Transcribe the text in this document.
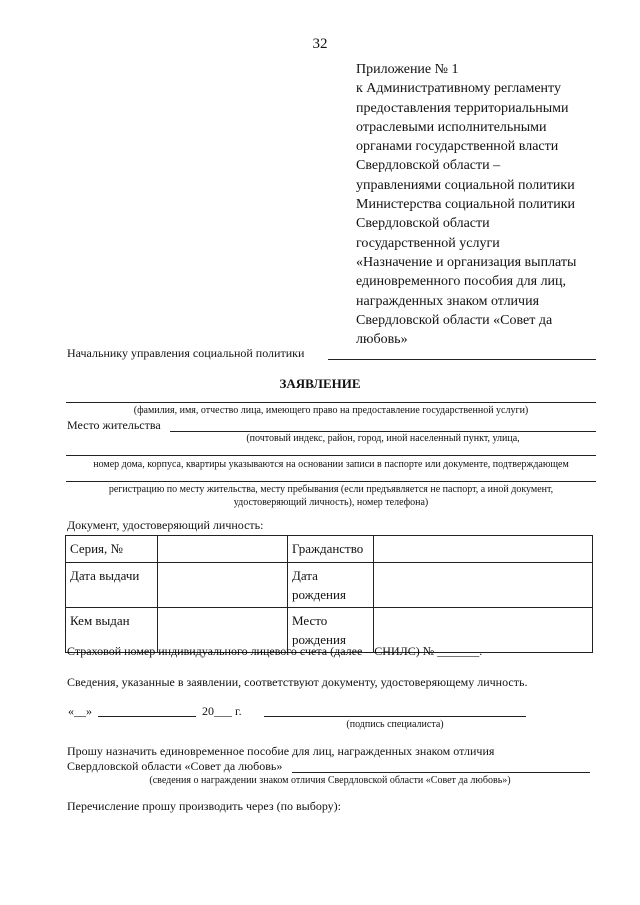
32
Приложение № 1
к Административному регламенту
предоставления территориальными
отраслевыми исполнительными
органами государственной власти
Свердловской области –
управлениями социальной политики
Министерства социальной политики
Свердловской области
государственной услуги
«Назначение и организация выплаты
единовременного пособия для лиц,
награжденных знаком отличия
Свердловской области «Совет да
любовь»
Начальнику управления социальной политики
ЗАЯВЛЕНИЕ
(фамилия, имя, отчество лица, имеющего право на предоставление государственной услуги)
Место жительства
(почтовый индекс, район, город, иной населенный пункт, улица,
номер дома, корпуса, квартиры указываются на основании записи в паспорте или документе, подтверждающем
регистрацию по месту жительства, месту пребывания (если предъявляется не паспорт, а иной документ,
удостоверяющий личность), номер телефона)
Документ, удостоверяющий личность:
Серия, №		Гражданство	
Дата выдачи		Дата
рождения	

Кем выдан		Место
рождения	

Страховой номер индивидуального лицевого счета (далее – СНИЛС) № _______.
Сведения, указанные в заявлении, соответствуют документу, удостоверяющему личность.
«__»	20___ г.
(подпись специалиста)
Прошу назначить единовременное пособие для лиц, награжденных знаком отличия
Свердловской области «Совет да любовь»
(сведения о награждении знаком отличия Свердловской области «Совет да любовь»)
Перечисление прошу производить через (по выбору):
